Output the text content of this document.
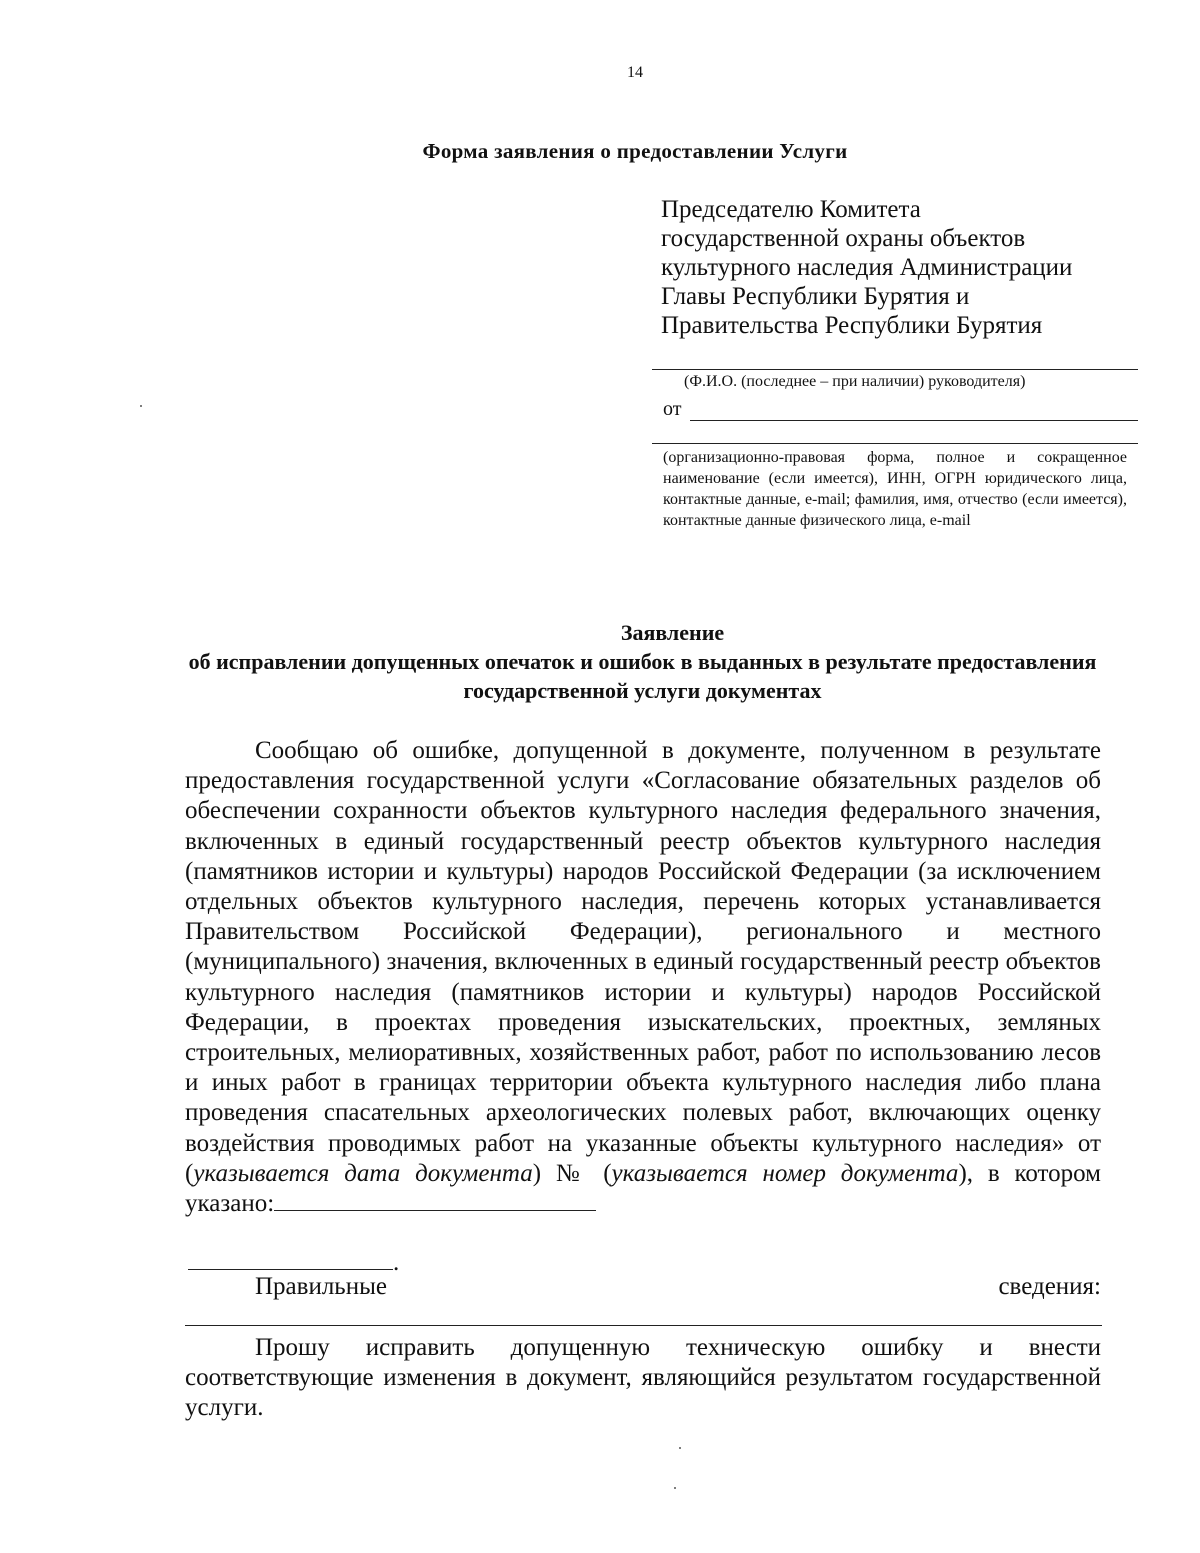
14
Форма заявления о предоставлении Услуги
Председателю Комитета
государственной охраны объектов
культурного наследия Администрации
Главы Республики Бурятия и
Правительства Республики Бурятия
(Ф.И.О. (последнее – при наличии) руководителя)
от
(организационно-правовая форма, полное и сокращенное наименование (если имеется), ИНН, ОГРН юридического лица, контактные данные, e-mail; фамилия, имя, отчество (если имеется), контактные данные физического лица, e-mail
Заявление
об исправлении допущенных опечаток и ошибок в выданных в результате предоставления государственной услуги документах

Сообщаю об ошибке, допущенной в документе, полученном в результате предоставления государственной услуги «Согласование обязательных разделов об обеспечении сохранности объектов культурного наследия федерального значения, включенных в единый государственный реестр объектов культурного наследия (памятников истории и культуры) народов Российской Федерации (за исключением отдельных объектов культурного наследия, перечень которых устанавливается Правительством Российской Федерации), регионального и местного (муниципального) значения, включенных в единый государственный реестр объектов культурного наследия (памятников истории и культуры) народов Российской Федерации, в проектах проведения изыскательских, проектных, земляных строительных, мелиоративных, хозяйственных работ, работ по использованию лесов и иных работ в границах территории объекта культурного наследия либо плана проведения спасательных археологических полевых работ, включающих оценку воздействия проводимых работ на указанные объекты культурного наследия» от (указывается дата документа) № (указывается номер документа), в котором указано:

.
Правильные	сведения:

Прошу исправить допущенную техническую ошибку и внести соответствующие изменения в документ, являющийся результатом государственной услуги.
